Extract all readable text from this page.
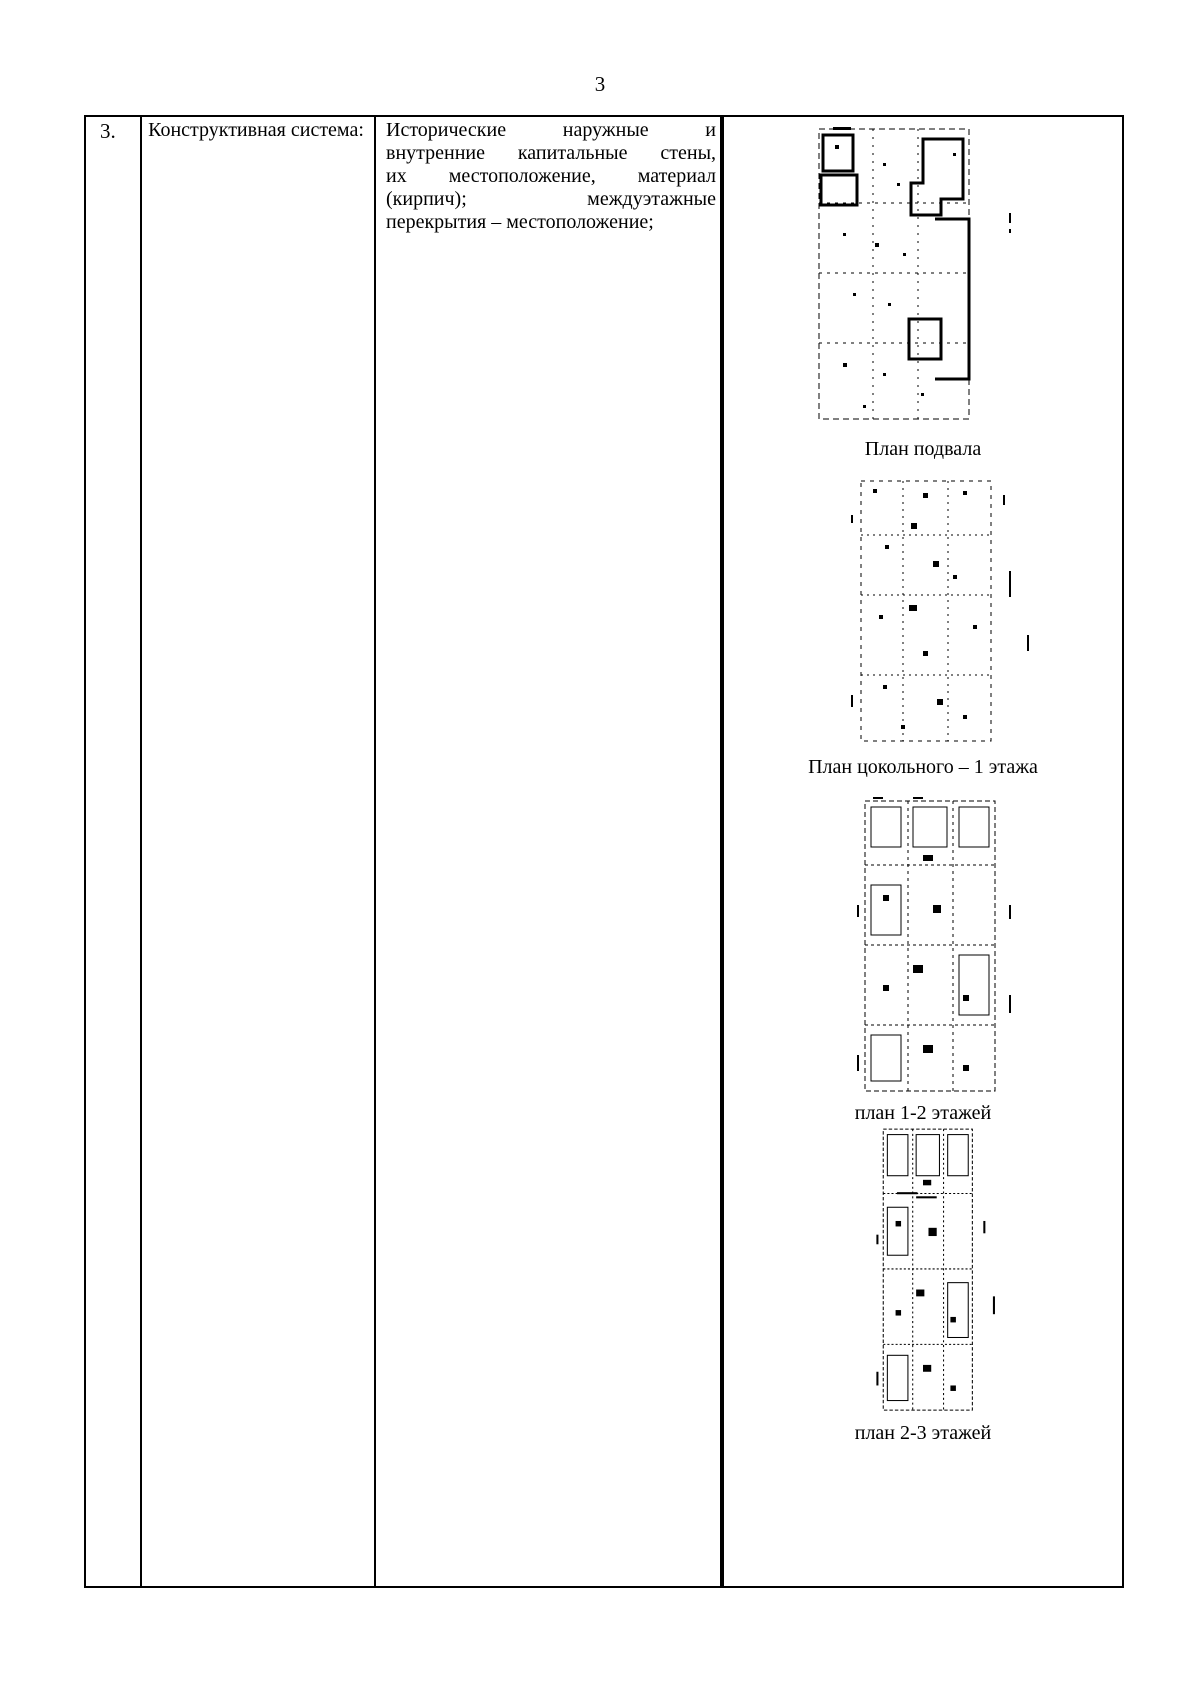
3
3.	Конструктивная система:	Исторические наружные и
внутренние капитальные стены,
их местоположение, материал
(кирпич); междуэтажные
перекрытия – местоположение;
План подвала
План цокольного – 1 этажа
план 1-2 этажей
план 2-3 этажей
